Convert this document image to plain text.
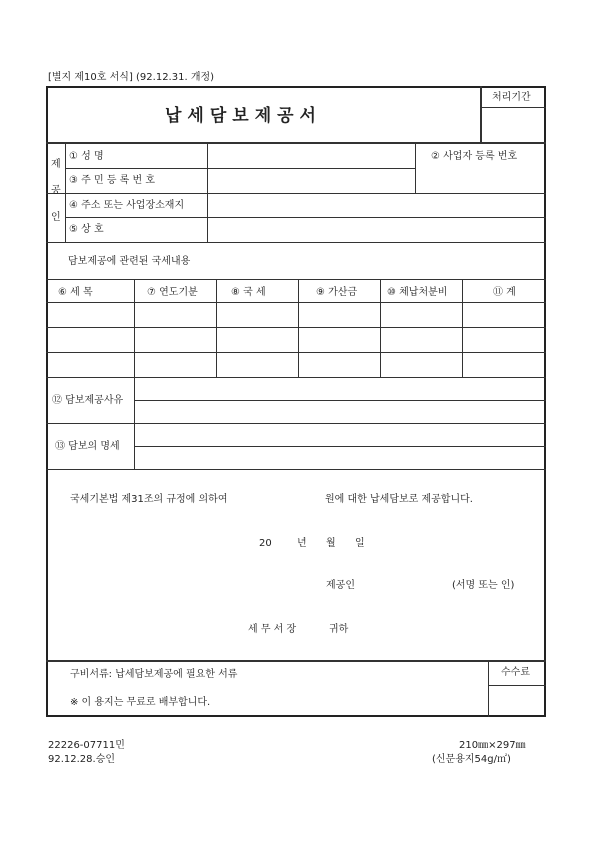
[별지 제10호 서식] (92.12.31. 개정)
납세담보제공서
처리기간
제
공
인
① 성 명	② 사업자 등록 번호
③ 주 민 등 록 번 호
④ 주소 또는 사업장소재지
⑤ 상 호
담보제공에 관련된 국세내용
⑥ 세 목	⑦ 연도기분	⑧ 국 세	⑨ 가산금	⑩ 체납처분비	⑪ 계
⑫ 담보제공사유
⑬ 담보의 명세
국세기본법 제31조의 규정에 의하여	원에 대한 납세담보로 제공합니다.
20	년 월 일
제공인	(서명 또는 인)
세 무 서 장	귀하
구비서류: 납세담보제공에 필요한 서류
※ 이 용지는 무료로 배부합니다.
수수료
22226-07711민
92.12.28.승인
210㎜×297㎜
(신문용지54g/㎡)
